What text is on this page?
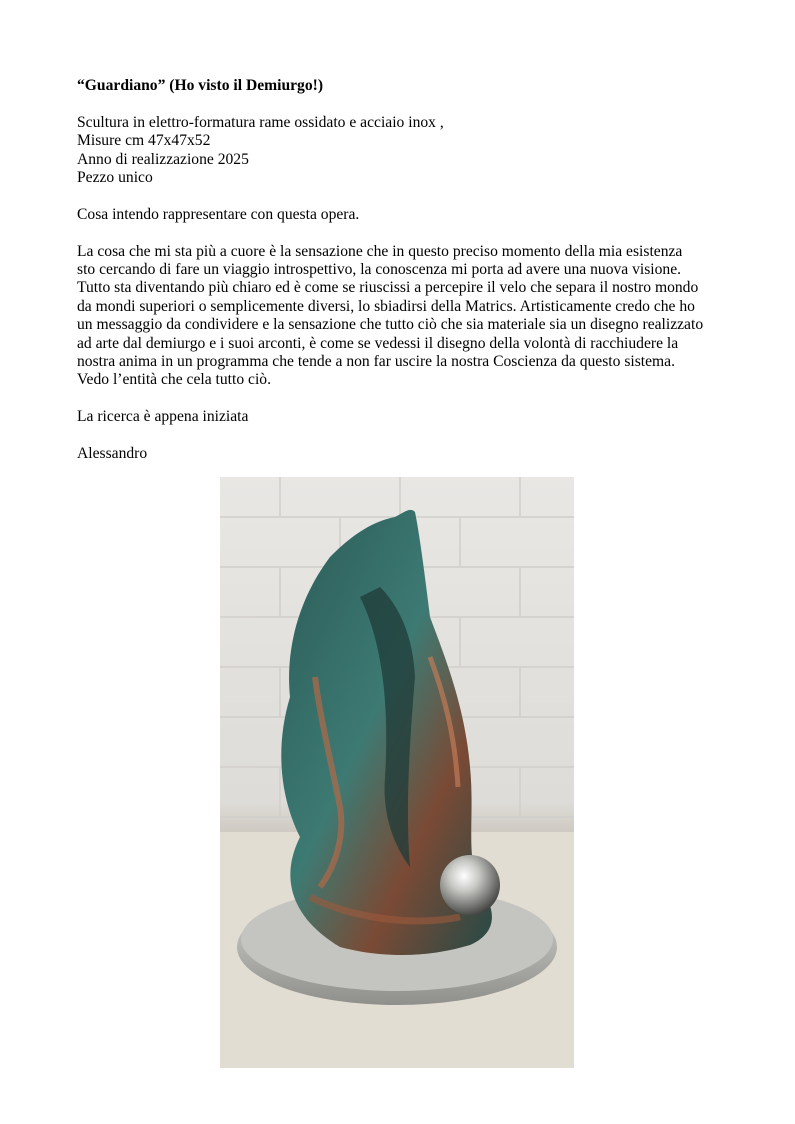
“Guardiano” (Ho visto il Demiurgo!)

Scultura in elettro-formatura rame ossidato e acciaio inox ,

Misure cm 47x47x52

Anno di realizzazione 2025

Pezzo unico

Cosa intendo rappresentare con questa opera.

La cosa che mi sta più a cuore è la sensazione che in questo preciso momento della mia esistenza

sto cercando di fare un viaggio introspettivo, la conoscenza mi porta ad avere una nuova visione.

Tutto sta diventando più chiaro ed è come se riuscissi a percepire il velo che separa il nostro mondo

da mondi superiori o semplicemente diversi, lo sbiadirsi della Matrics. Artisticamente credo che ho

un messaggio da condividere e la sensazione che tutto ciò che sia materiale sia un disegno realizzato

ad arte dal demiurgo e i suoi arconti, è come se vedessi il disegno della volontà di racchiudere la

nostra anima in un programma che tende a non far uscire la nostra Coscienza da questo sistema.

Vedo l’entità che cela tutto ciò.

La ricerca è appena iniziata

Alessandro
